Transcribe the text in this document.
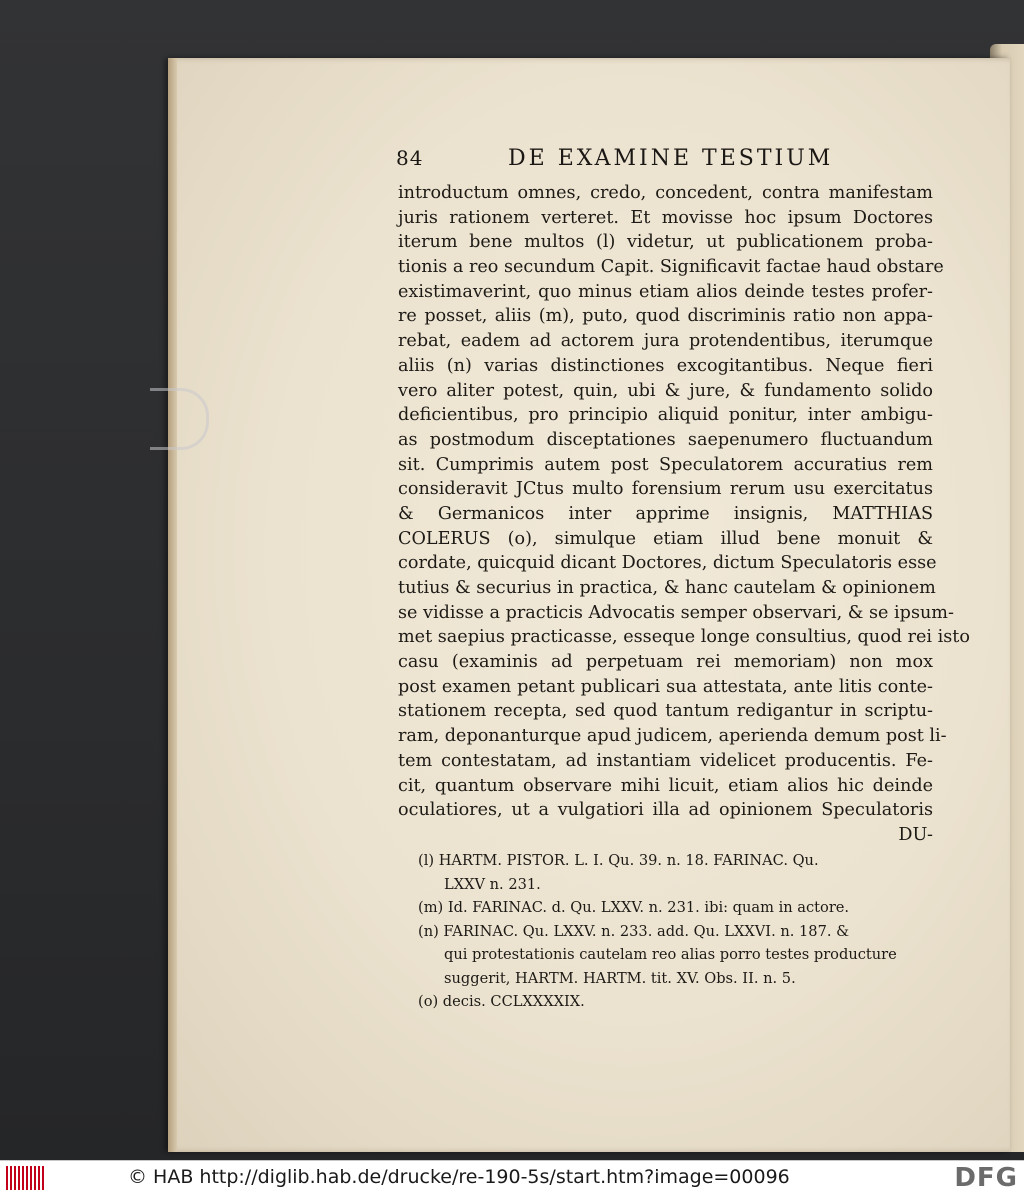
84	DE EXAMINE TESTIUM
introductum omnes, credo, concedent, contra manifestam
juris rationem verteret. Et movisse hoc ipsum Doctores
iterum bene multos (l) videtur, ut publicationem proba-
tionis a reo secundum Capit. Significavit factae haud obstare
existimaverint, quo minus etiam alios deinde testes profer-
re posset, aliis (m), puto, quod discriminis ratio non appa-
rebat, eadem ad actorem jura protendentibus, iterumque
aliis (n) varias distinctiones excogitantibus. Neque fieri
vero aliter potest, quin, ubi & jure, & fundamento solido
deficientibus, pro principio aliquid ponitur, inter ambigu-
as postmodum disceptationes saepenumero fluctuandum
sit. Cumprimis autem post Speculatorem accuratius rem
consideravit JCtus multo forensium rerum usu exercitatus
& Germanicos inter apprime insignis, MATTHIAS
COLERUS (o), simulque etiam illud bene monuit &
cordate, quicquid dicant Doctores, dictum Speculatoris esse
tutius & securius in practica, & hanc cautelam & opinionem
se vidisse a practicis Advocatis semper observari, & se ipsum-
met saepius practicasse, esseque longe consultius, quod rei isto
casu (examinis ad perpetuam rei memoriam) non mox
post examen petant publicari sua attestata, ante litis conte-
stationem recepta, sed quod tantum redigantur in scriptu-
ram, deponanturque apud judicem, aperienda demum post li-
tem contestatam, ad instantiam videlicet producentis. Fe-
cit, quantum observare mihi licuit, etiam alios hic deinde
oculatiores, ut a vulgatiori illa ad opinionem Speculatoris
DU-
(l) HARTM. PISTOR. L. I. Qu. 39. n. 18. FARINAC. Qu.
LXXV n. 231.
(m) Id. FARINAC. d. Qu. LXXV. n. 231. ibi: quam in actore.
(n) FARINAC. Qu. LXXV. n. 233. add. Qu. LXXVI. n. 187. &
qui protestationis cautelam reo alias porro testes producture
suggerit, HARTM. HARTM. tit. XV. Obs. II. n. 5.
(o) decis. CCLXXXXIX.
© HAB http://diglib.hab.de/drucke/re-190-5s/start.htm?image=00096	DFG
